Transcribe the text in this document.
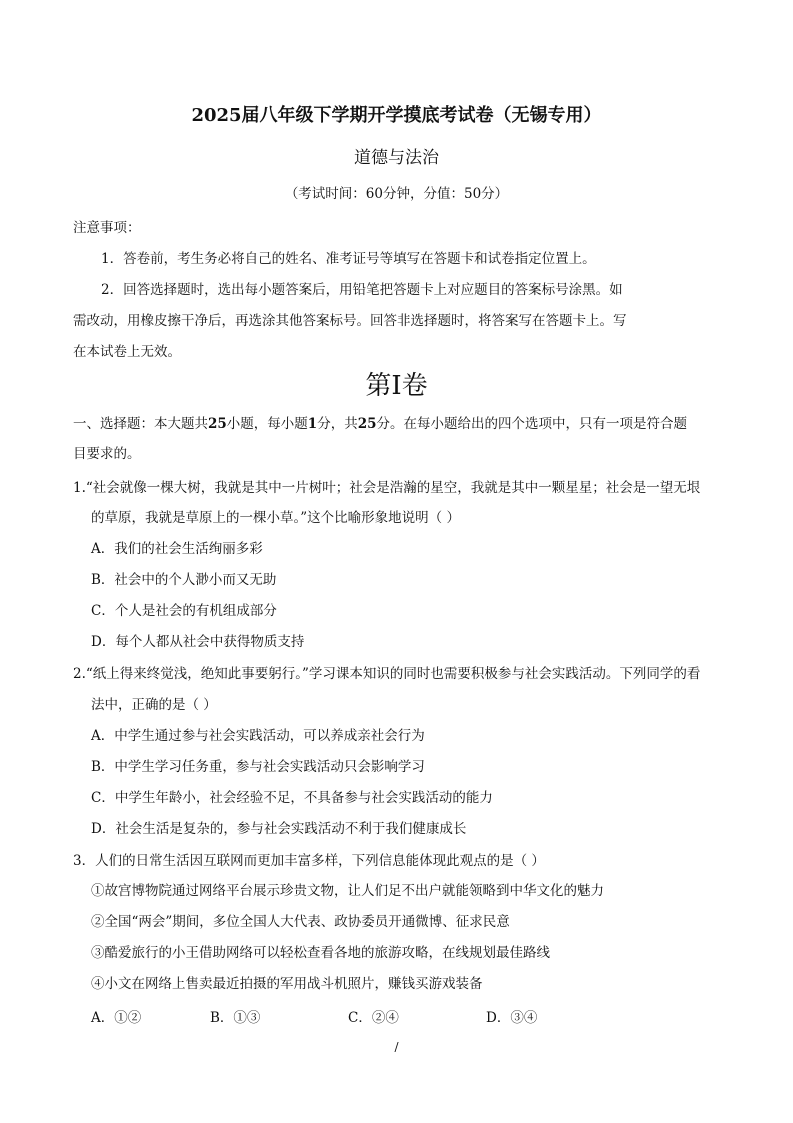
2025届八年级下学期开学摸底考试卷（无锡专用）
道德与法治
（考试时间：60分钟，分值：50分）
注意事项：
1．答卷前，考生务必将自己的姓名、准考证号等填写在答题卡和试卷指定位置上。
2．回答选择题时，选出每小题答案后，用铅笔把答题卡上对应题目的答案标号涂黑。如
需改动，用橡皮擦干净后，再选涂其他答案标号。回答非选择题时，将答案写在答题卡上。写
在本试卷上无效。
第Ⅰ卷
一、选择题：本大题共25小题，每小题1分，共25分。在每小题给出的四个选项中，只有一项是符合题
目要求的。
1.“社会就像一棵大树，我就是其中一片树叶；社会是浩瀚的星空，我就是其中一颗星星；社会是一望无垠
的草原，我就是草原上的一棵小草。”这个比喻形象地说明（ ）
A．我们的社会生活绚丽多彩
B．社会中的个人渺小而又无助
C．个人是社会的有机组成部分
D．每个人都从社会中获得物质支持
2.“纸上得来终觉浅，绝知此事要躬行。”学习课本知识的同时也需要积极参与社会实践活动。下列同学的看
法中，正确的是（ ）
A．中学生通过参与社会实践活动，可以养成亲社会行为
B．中学生学习任务重，参与社会实践活动只会影响学习
C．中学生年龄小，社会经验不足，不具备参与社会实践活动的能力
D．社会生活是复杂的，参与社会实践活动不利于我们健康成长
3．人们的日常生活因互联网而更加丰富多样，下列信息能体现此观点的是（ ）
①故宫博物院通过网络平台展示珍贵文物，让人们足不出户就能领略到中华文化的魅力
②全国“两会”期间，多位全国人大代表、政协委员开通微博、征求民意
③酷爱旅行的小王借助网络可以轻松查看各地的旅游攻略，在线规划最佳路线
④小文在网络上售卖最近拍摄的军用战斗机照片，赚钱买游戏装备
A．①②	B．①③	C．②④	D．③④
/
